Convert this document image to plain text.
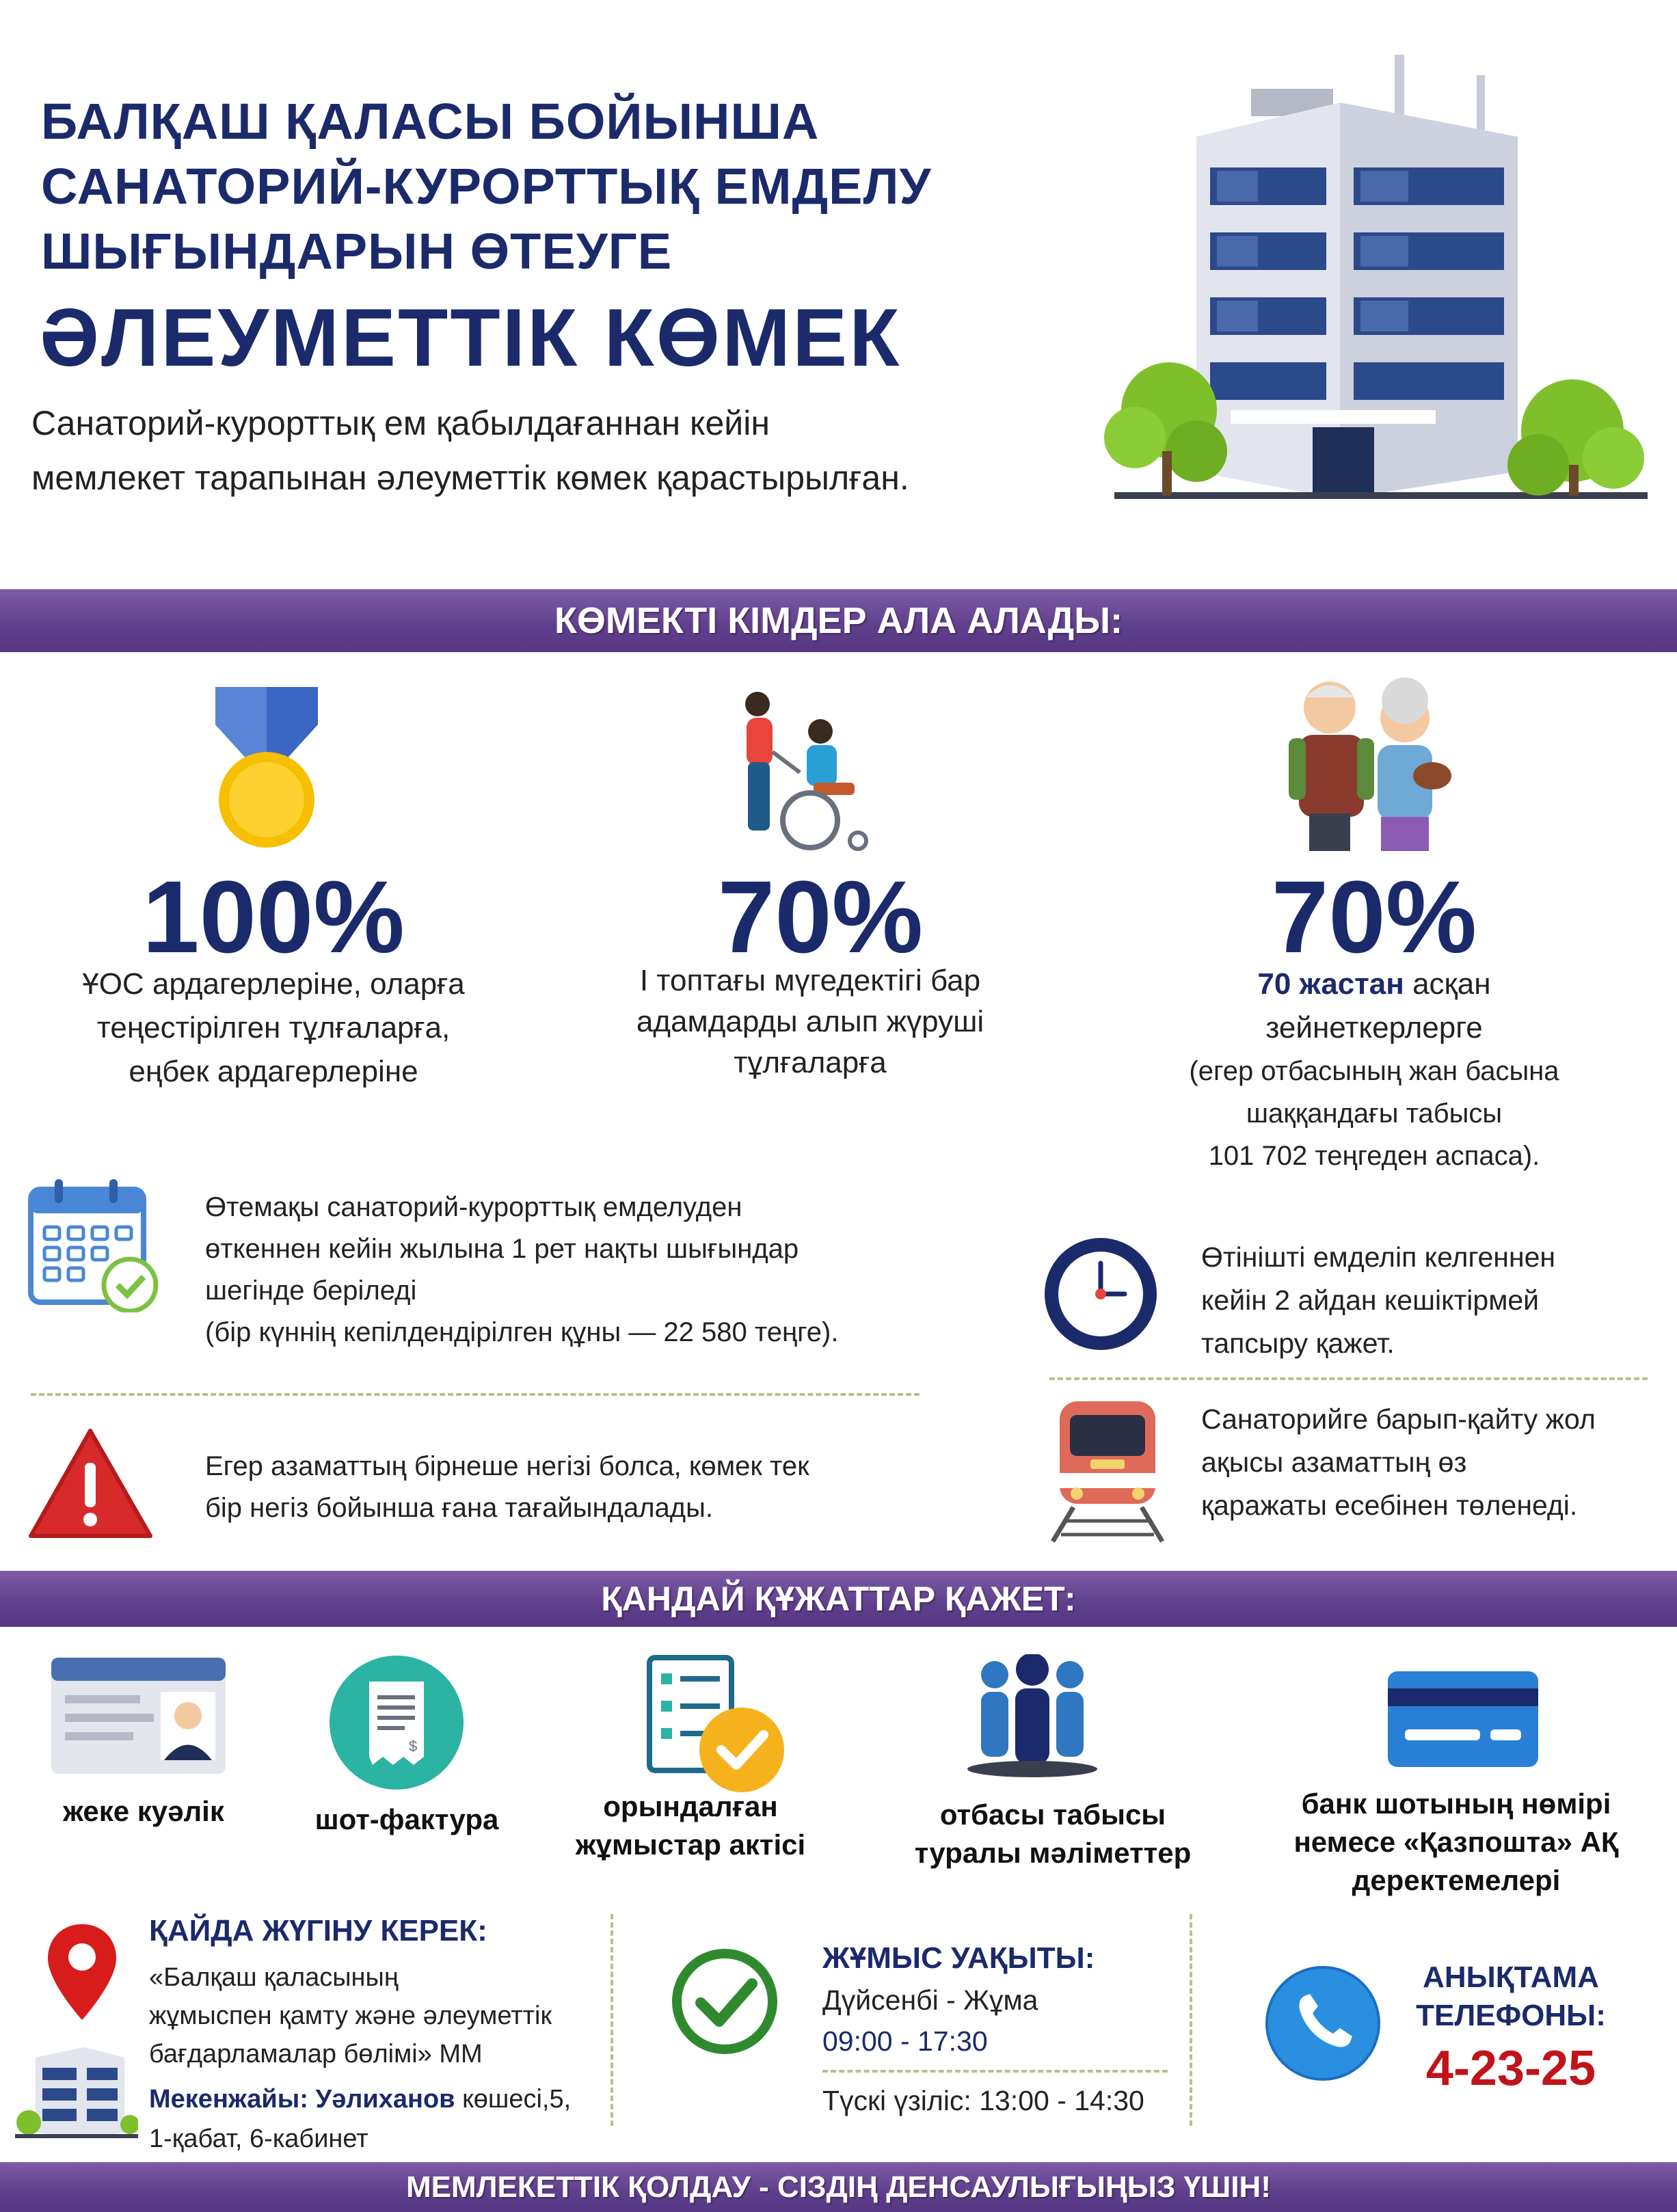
БАЛҚАШ ҚАЛАСЫ БОЙЫНША
САНАТОРИЙ-КУРОРТТЫҚ ЕМДЕЛУ
ШЫҒЫНДАРЫН ӨТЕУГЕ
ӘЛЕУМЕТТІК КӨМЕК
Санаторий-курорттық ем қабылдағаннан кейін
мемлекет тарапынан әлеуметтік көмек қарастырылған.
КӨМЕКТІ КІМДЕР АЛА АЛАДЫ:
100%	70%	70%
ҰОС ардагерлеріне, оларға
теңестірілген тұлғаларға,
еңбек ардагерлеріне
І топтағы мүгедектігі бар
адамдарды алып жүруші
тұлғаларға
70 жастан асқан
зейнеткерлерге
(егер отбасының жан басына
шаққандағы табысы
101 702 теңгеден аспаса).
Өтемақы санаторий-курорттық емделуден
өткеннен кейін жылына 1 рет нақты шығындар
шегінде беріледі
(бір күннің кепілдендірілген құны — 22 580 теңге).
Өтінішті емделіп келгеннен
кейін 2 айдан кешіктірмей
тапсыру қажет.
Егер азаматтың бірнеше негізі болса, көмек тек
бір негіз бойынша ғана тағайындалады.
Санаторийге барып-қайту жол
ақысы азаматтың өз
қаражаты есебінен төленеді.
ҚАНДАЙ ҚҰЖАТТАР ҚАЖЕТ:
$
жеке куәлік	шот-фактура	орындалған
жұмыстар актісі
отбасы табысы
туралы мәліметтер
банк шотының нөмірі
немесе «Қазпошта» АҚ
деректемелері
ҚАЙДА ЖҮГІНУ КЕРЕК:
«Балқаш қаласының
жұмыспен қамту және әлеуметтік
бағдарламалар бөлімі» ММ
Мекенжайы: Уәлиханов көшесі,5,
1-қабат, 6-кабинет
ЖҰМЫС УАҚЫТЫ:
Дүйсенбі - Жұма
09:00 - 17:30
Түскі үзіліс: 13:00 - 14:30
АНЫҚТАМА
ТЕЛЕФОНЫ:
4-23-25
МЕМЛЕКЕТТІК ҚОЛДАУ - СІЗДІҢ ДЕНСАУЛЫҒЫҢЫЗ ҮШІН!
